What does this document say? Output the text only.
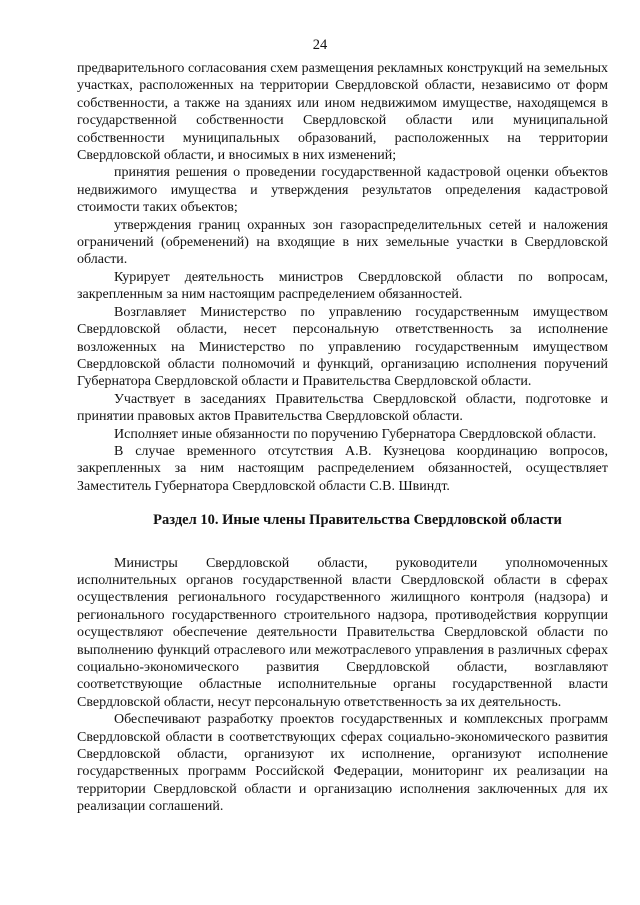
24

предварительного согласования схем размещения рекламных конструкций на земельных участках, расположенных на территории Свердловской области, независимо от форм собственности, а также на зданиях или ином недвижимом имуществе, находящемся в государственной собственности Свердловской области или муниципальной собственности муниципальных образований, расположенных на территории Свердловской области, и вносимых в них изменений;

принятия решения о проведении государственной кадастровой оценки объектов недвижимого имущества и утверждения результатов определения кадастровой стоимости таких объектов;

утверждения границ охранных зон газораспределительных сетей и наложения ограничений (обременений) на входящие в них земельные участки в Свердловской области.

Курирует деятельность министров Свердловской области по вопросам, закрепленным за ним настоящим распределением обязанностей.

Возглавляет Министерство по управлению государственным имуществом Свердловской области, несет персональную ответственность за исполнение возложенных на Министерство по управлению государственным имуществом Свердловской области полномочий и функций, организацию исполнения поручений Губернатора Свердловской области и Правительства Свердловской области.

Участвует в заседаниях Правительства Свердловской области, подготовке и принятии правовых актов Правительства Свердловской области.

Исполняет иные обязанности по поручению Губернатора Свердловской области.

В случае временного отсутствия А.В. Кузнецова координацию вопросов, закрепленных за ним настоящим распределением обязанностей, осуществляет Заместитель Губернатора Свердловской области С.В. Швиндт.

Раздел 10. Иные члены Правительства Свердловской области

Министры Свердловской области, руководители уполномоченных исполнительных органов государственной власти Свердловской области в сферах осуществления регионального государственного жилищного контроля (надзора) и регионального государственного строительного надзора, противодействия коррупции осуществляют обеспечение деятельности Правительства Свердловской области по выполнению функций отраслевого или межотраслевого управления в различных сферах социально-экономического развития Свердловской области, возглавляют соответствующие областные исполнительные органы государственной власти Свердловской области, несут персональную ответственность за их деятельность.

Обеспечивают разработку проектов государственных и комплексных программ Свердловской области в соответствующих сферах социально-экономического развития Свердловской области, организуют их исполнение, организуют исполнение государственных программ Российской Федерации, мониторинг их реализации на территории Свердловской области и организацию исполнения заключенных для их реализации соглашений.
